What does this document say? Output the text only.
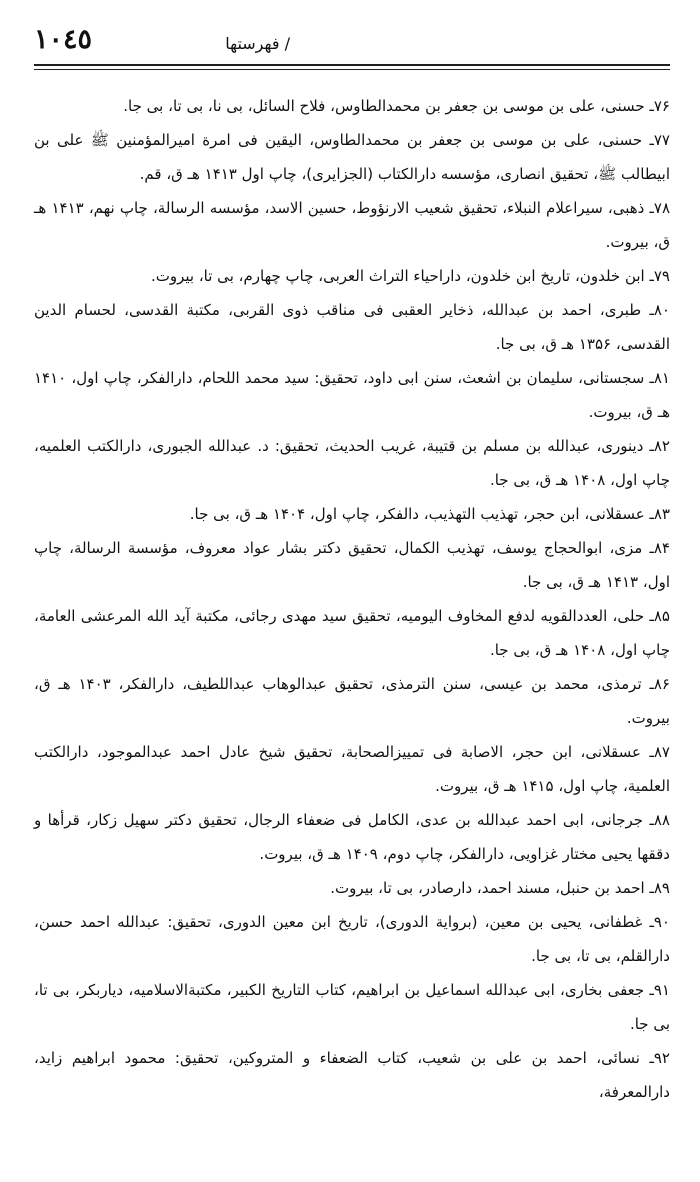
١٠٤٥	/ فهرستها

۷۶ـ حسنی، علی بن موسی بن جعفر بن محمدالطاوس، فلاح السائل، بی نا، بی تا، بی جا.

۷۷ـ حسنی، علی بن موسی بن جعفر بن محمدالطاوس، الیقین فی امرة امیرالمؤمنین ﷺ علی بن ابیطالب ﷺ، تحقیق انصاری، مؤسسه دارالکتاب (الجزایری)، چاپ اول ۱۴۱۳ هـ ق، قم.

۷۸ـ ذهبی، سیراعلام النبلاء، تحقیق شعیب الارنؤوط، حسین الاسد، مؤسسه الرسالة، چاپ نهم، ۱۴۱۳ هـ ق، بیروت.

۷۹ـ ابن خلدون، تاریخ ابن خلدون، داراحیاء التراث العربی، چاپ چهارم، بی تا، بیروت.

۸۰ـ طبری، احمد بن عبدالله، ذخایر العقبی فی مناقب ذوی القربی، مکتبة القدسی، لحسام الدین القدسی، ۱۳۵۶ هـ ق، بی جا.

۸۱ـ سجستانی، سلیمان بن اشعث، سنن ابی داود، تحقیق: سید محمد اللحام، دارالفکر، چاپ اول، ۱۴۱۰ هـ ق، بیروت.

۸۲ـ دینوری، عبدالله بن مسلم بن قتیبة، غریب الحدیث، تحقیق: د. عبدالله الجبوری، دارالکتب العلمیه، چاپ اول، ۱۴۰۸ هـ ق، بی جا.

۸۳ـ عسقلانی، ابن حجر، تهذیب التهذیب، دالفکر، چاپ اول، ۱۴۰۴ هـ ق، بی جا.

۸۴ـ مزی، ابوالحجاج یوسف، تهذیب الکمال، تحقیق دکتر بشار عواد معروف، مؤسسة الرسالة، چاپ اول، ۱۴۱۳ هـ ق، بی جا.

۸۵ـ حلی، العددالقویه لدفع المخاوف الیومیه، تحقیق سید مهدی رجائی، مکتبة آید الله المرعشی العامة، چاپ اول، ۱۴۰۸ هـ ق، بی جا.

۸۶ـ ترمذی، محمد بن عیسی، سنن الترمذی، تحقیق عبدالوهاب عبداللطیف، دارالفکر، ۱۴۰۳ هـ ق، بیروت.

۸۷ـ عسقلانی، ابن حجر، الاصابة فی تمییزالصحابة، تحقیق شیخ عادل احمد عبدالموجود، دارالکتب العلمیة، چاپ اول، ۱۴۱۵ هـ ق، بیروت.

۸۸ـ جرجانی، ابی احمد عبدالله بن عدی، الکامل فی ضعفاء الرجال، تحقیق دکتر سهیل زکار، قرأها و دققها یحیی مختار غزاویی، دارالفکر، چاپ دوم، ۱۴۰۹ هـ ق، بیروت.

۸۹ـ احمد بن حنبل، مسند احمد، دارصادر، بی تا، بیروت.

۹۰ـ غطفانی، یحیی بن معین، (بروایة الدوری)، تاریخ ابن معین الدوری، تحقیق: عبدالله احمد حسن، دارالقلم، بی تا، بی جا.

۹۱ـ جعفی بخاری، ابی عبدالله اسماعیل بن ابراهیم، کتاب التاریخ الکبیر، مکتبةالاسلامیه، دیاربکر، بی تا، بی جا.

۹۲ـ نسائی، احمد بن علی بن شعیب، کتاب الضعفاء و المتروکین، تحقیق: محمود ابراهیم زاید، دارالمعرفة،
